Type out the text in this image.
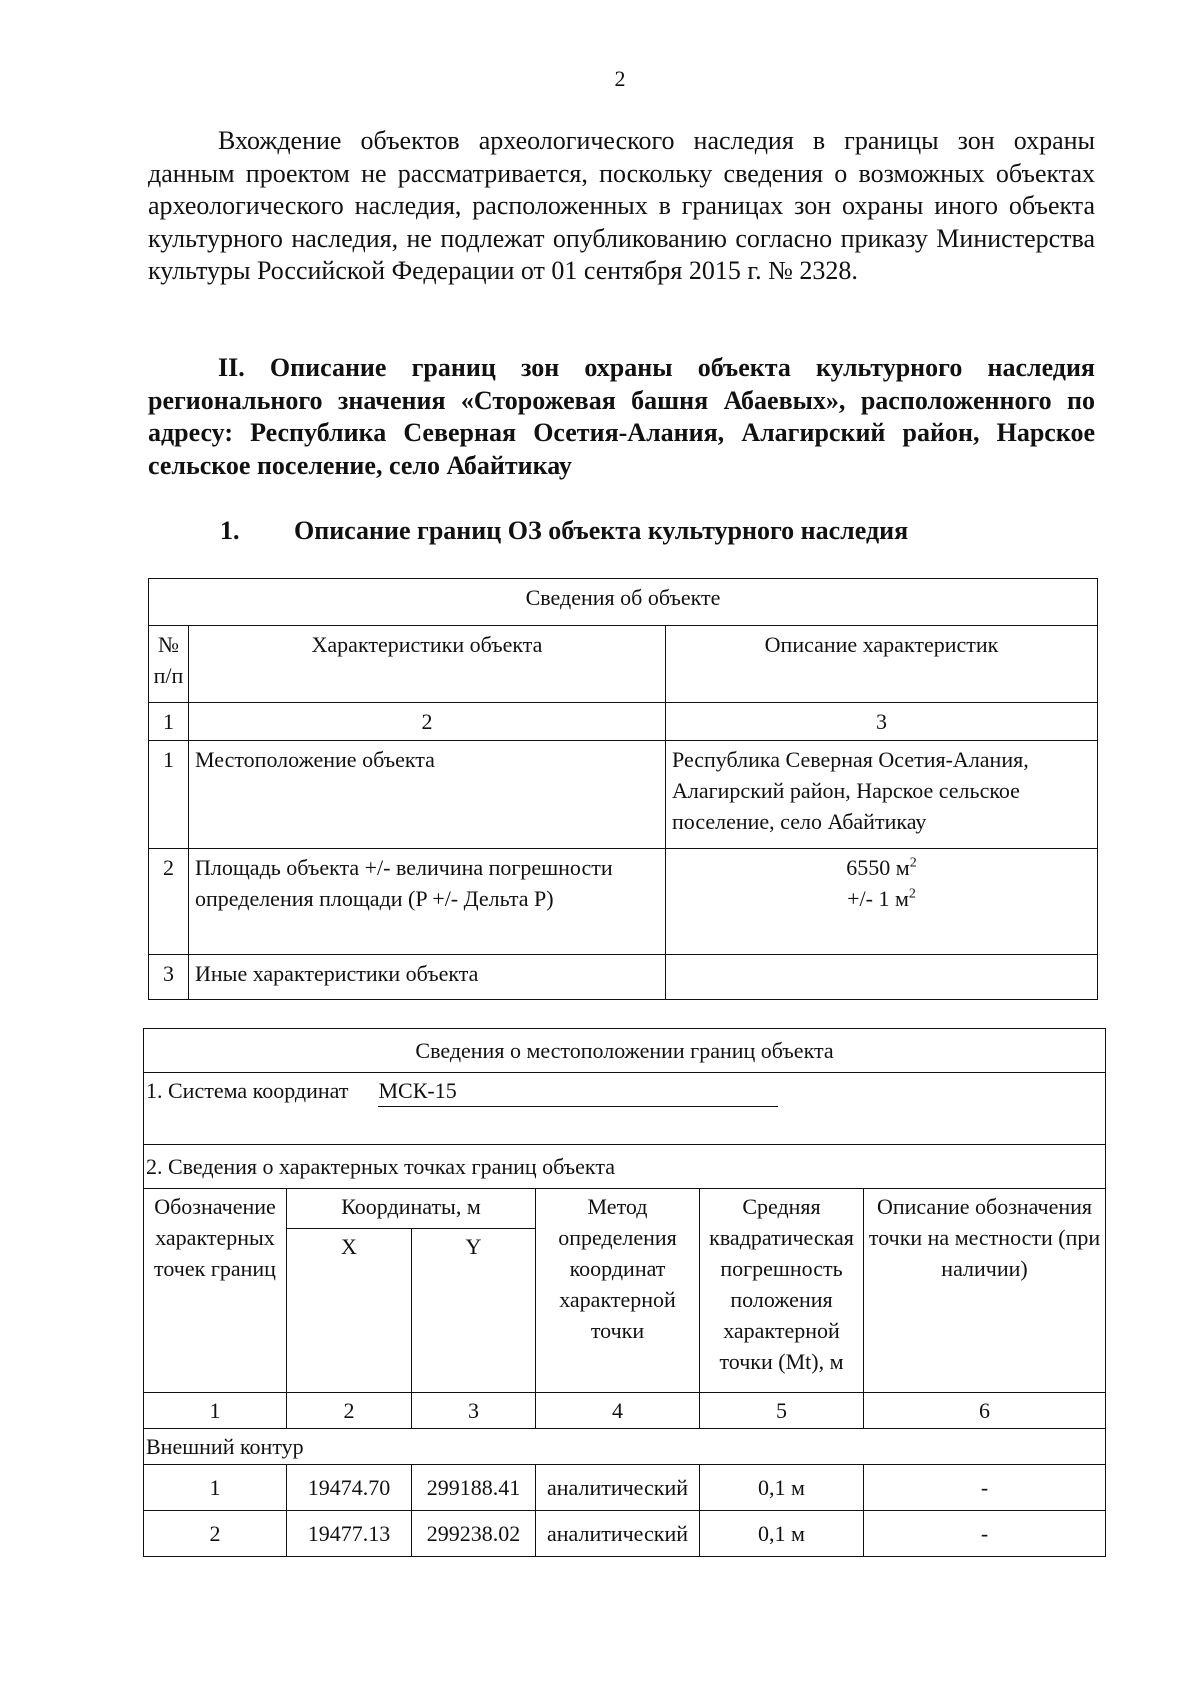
2
Вхождение объектов археологического наследия в границы зон охраны данным проектом не рассматривается, поскольку сведения о возможных объектах археологического наследия, расположенных в границах зон охраны иного объекта культурного наследия, не подлежат опубликованию согласно приказу Министерства культуры Российской Федерации от 01 сентября 2015 г. № 2328.
II. Описание границ зон охраны объекта культурного наследия регионального значения «Сторожевая башня Абаевых», расположенного по адресу: Республика Северная Осетия-Алания, Алагирский район, Нарское сельское поселение, село Абайтикау
1. Описание границ ОЗ объекта культурного наследия
Сведения об объекте		
№ п/п	Характеристики объекта	Описание характеристик
1	2	3
1	Местоположение объекта	Республика Северная Осетия-Алания, Алагирский район, Нарское сельское поселение, село Абайтикау
2	Площадь объекта +/- величина погрешности определения площади (P +/- Дельта P)	6550 $м^2$
+/- 1 $м^2$

3	Иные характеристики объекта	
Сведения о местоположении границ объекта					
1. Система координат МСК-15					

2. Сведения о характерных точках границ объекта					
Обозначение характерных точек границ	Координаты, м		Метод определения координат характерной точки	Средняя квадратическая погрешность положения характерной точки (Mt), м	Описание обозначения точки на местности (при наличии)
	X	Y			
1	2	3	4	5	6
Внешний контур					
1	19474.70	299188.41	аналитический	0,1 м	-
2	19477.13	299238.02	аналитический	0,1 м	-
